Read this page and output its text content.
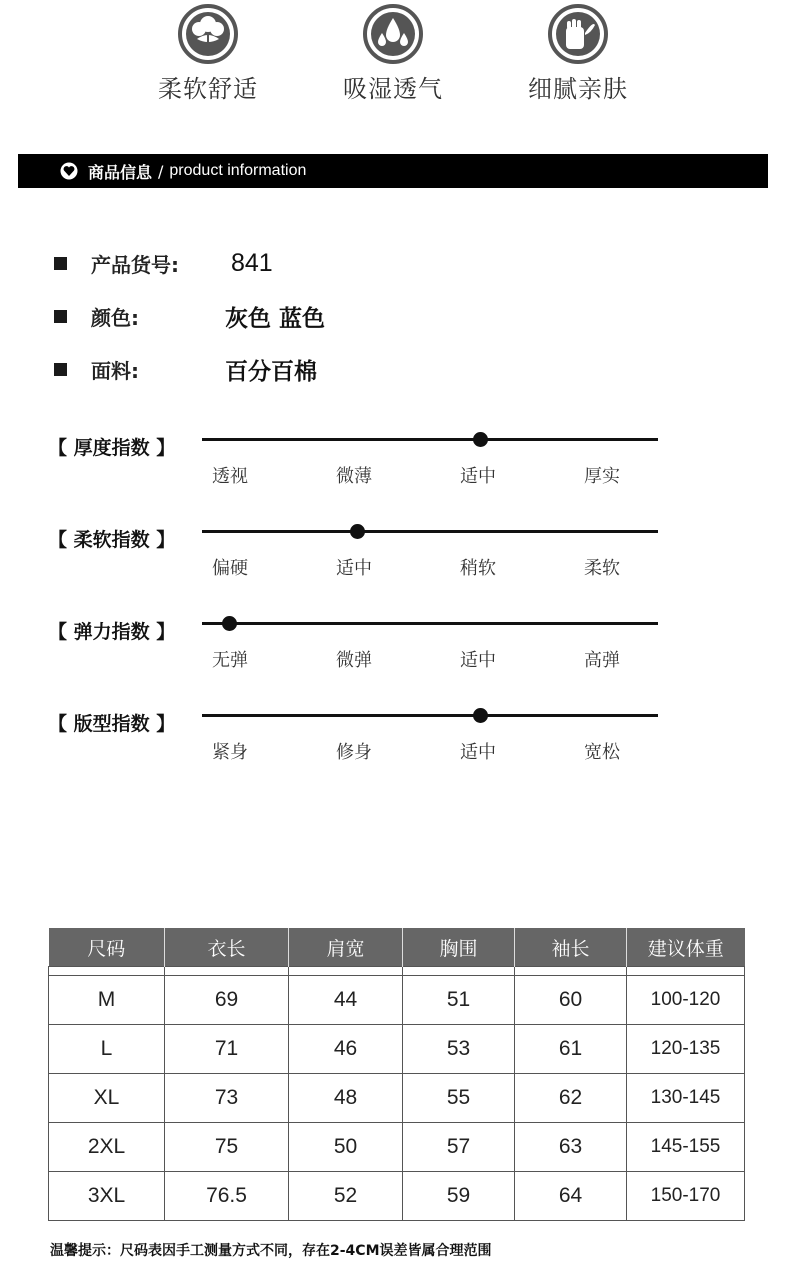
柔软舒适	吸湿透气	细腻亲肤
商品信息 / product information
产品货号:	841
颜色:	灰色 蓝色
面料:	百分百棉
【 厚度指数 】
透视	微薄	适中	厚实
【 柔软指数 】
偏硬	适中	稍软	柔软
【 弹力指数 】
无弹	微弹	适中	高弹
【 版型指数 】
紧身	修身	适中	宽松
尺码	衣长	肩宽	胸围	袖长	建议体重

M	69	44	51	60	100-120
L	71	46	53	61	120-135
XL	73	48	55	62	130-145
2XL	75	50	57	63	145-155
3XL	76.5	52	59	64	150-170
温馨提示：尺码表因手工测量方式不同，存在2-4CM误差皆属合理范围
